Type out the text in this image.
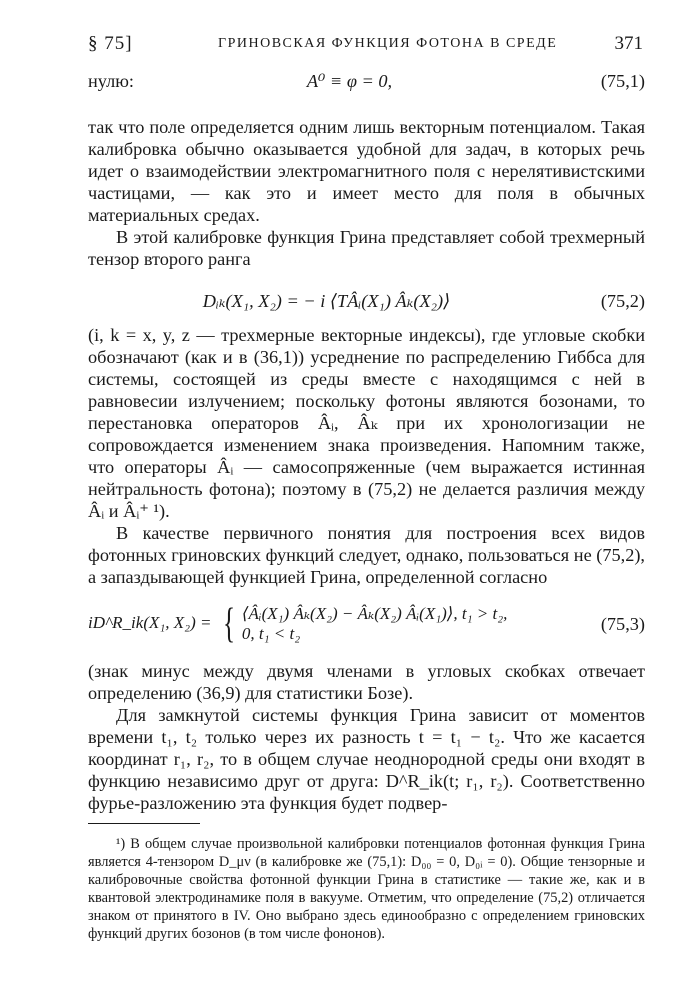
§ 75]	ГРИНОВСКАЯ ФУНКЦИЯ ФОТОНА В СРЕДЕ	371
нулю:	A⁰ ≡ φ = 0,	(75,1)

так что поле определяется одним лишь векторным потенциалом. Такая калибровка обычно оказывается удобной для задач, в которых речь идет о взаимодействии электромагнитного поля с нерелятивистскими частицами, — как это и имеет место для поля в обычных материальных средах.

В этой калибровке функция Грина представляет собой трехмерный тензор второго ранга

Dᵢₖ(X₁, X₂) = − i ⟨TÂᵢ(X₁) Âₖ(X₂)⟩	(75,2)

(i, k = x, y, z — трехмерные векторные индексы), где угловые скобки обозначают (как и в (36,1)) усреднение по распределению Гиббса для системы, состоящей из среды вместе с находящимся с ней в равновесии излучением; поскольку фотоны являются бозонами, то перестановка операторов Âᵢ, Âₖ при их хронологизации не сопровождается изменением знака произведения. Напомним также, что операторы Âᵢ — самосопряженные (чем выражается истинная нейтральность фотона); поэтому в (75,2) не делается различия между Âᵢ и Âᵢ⁺ ¹).

В качестве первичного понятия для построения всех видов фотонных гриновских функций следует, однако, пользоваться не (75,2), а запаздывающей функцией Грина, определенной согласно

iD^R_ik(X₁, X₂) = { ⟨Âᵢ(X₁) Âₖ(X₂) − Âₖ(X₂) Âᵢ(X₁)⟩, t₁ > t₂,
0, t₁ < t₂	(75,3)

(знак минус между двумя членами в угловых скобках отвечает определению (36,9) для статистики Бозе).

Для замкнутой системы функция Грина зависит от моментов времени t₁, t₂ только через их разность t = t₁ − t₂. Что же касается координат r₁, r₂, то в общем случае неоднородной среды они входят в функцию независимо друг от друга: D^R_ik(t; r₁, r₂). Соответственно фурье-разложению эта функция будет подвер-

¹) В общем случае произвольной калибровки потенциалов фотонная функция Грина является 4-тензором D_μν (в калибровке же (75,1): D₀₀ = 0, D₀ᵢ = 0). Общие тензорные и калибровочные свойства фотонной функции Грина в статистике — такие же, как и в квантовой электродинамике поля в вакууме. Отметим, что определение (75,2) отличается знаком от принятого в IV. Оно выбрано здесь единообразно с определением гриновских функций других бозонов (в том числе фононов).
